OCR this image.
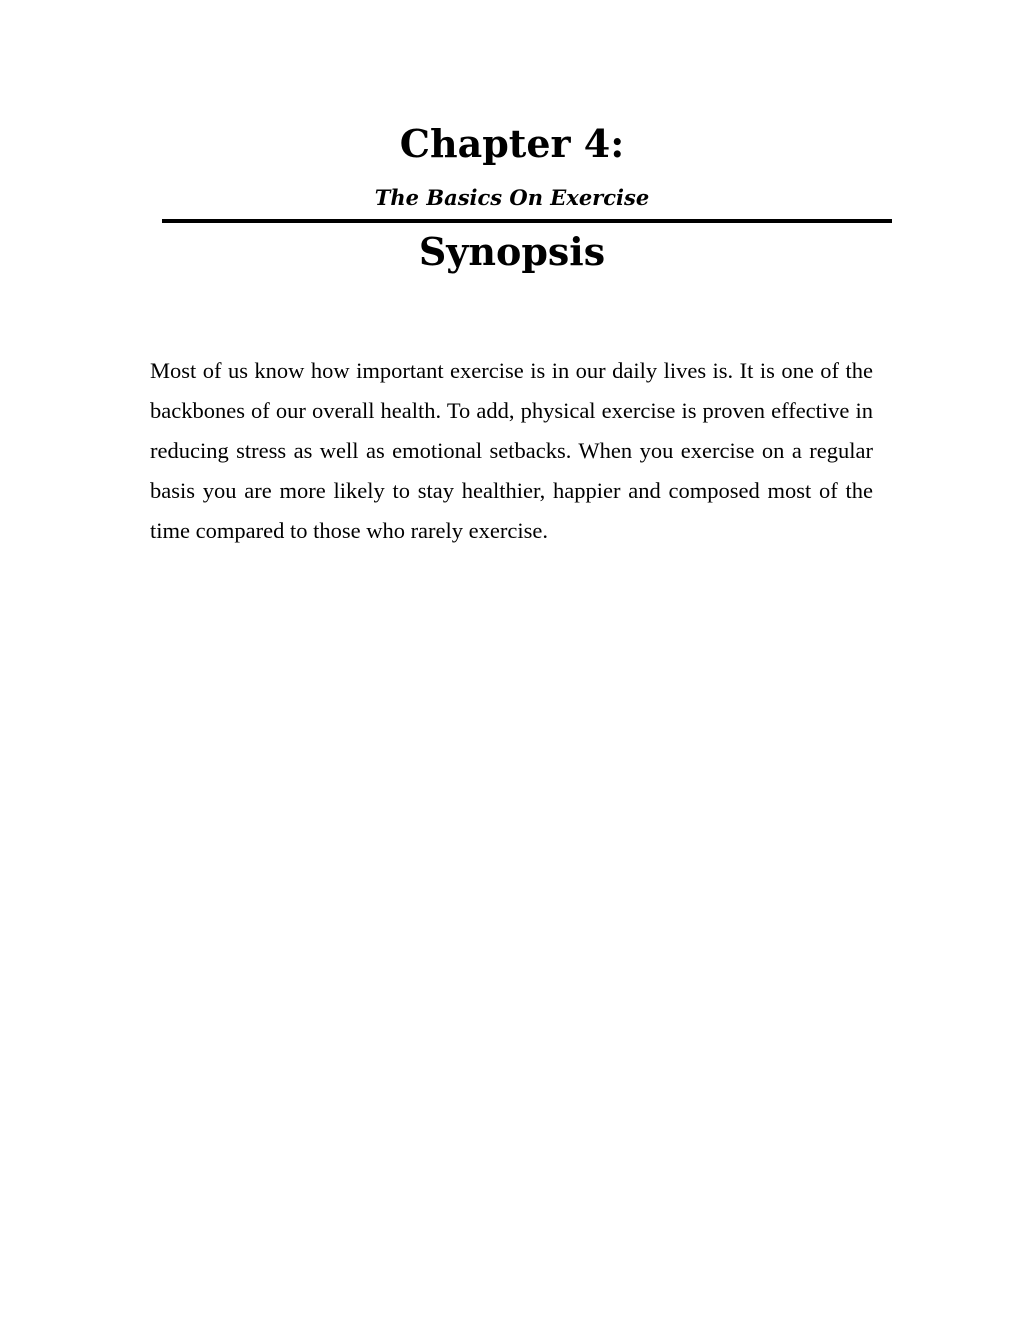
Chapter 4:
The Basics On Exercise
Synopsis

Most of us know how important exercise is in our daily lives is. It is one of the backbones of our overall health. To add, physical exercise is proven effective in reducing stress as well as emotional setbacks. When you exercise on a regular basis you are more likely to stay healthier, happier and composed most of the time compared to those who rarely exercise.
